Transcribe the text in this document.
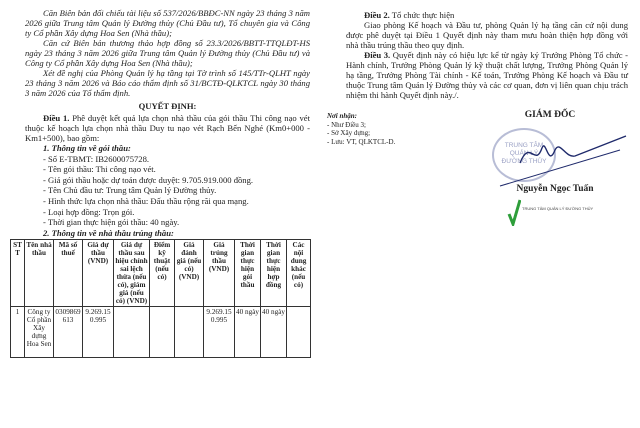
Căn Biên bản đối chiếu tài liệu số 537/2026/BBĐC-NN ngày 23 tháng 3 năm 2026 giữa Trung tâm Quản lý Đường thủy (Chủ Đầu tư), Tổ chuyên gia và Công ty Cổ phần Xây dựng Hoa Sen (Nhà thầu);

Căn cứ Biên bản thương thảo hợp đồng số 23.3/2026/BBTT-TTQLĐT-HS ngày 23 tháng 3 năm 2026 giữa Trung tâm Quản lý Đường thủy (Chủ Đầu tư) và Công ty Cổ phần Xây dựng Hoa Sen (Nhà thầu);

Xét đề nghị của Phòng Quản lý hạ tầng tại Tờ trình số 145/TTr-QLHT ngày 23 tháng 3 năm 2026 và Báo cáo thẩm định số 31/BCTĐ-QLKTCL ngày 30 tháng 3 năm 2026 của Tổ thẩm định.

QUYẾT ĐỊNH:

Điều 1. Phê duyệt kết quả lựa chọn nhà thầu của gói thầu Thi công nạo vét thuộc kế hoạch lựa chọn nhà thầu Duy tu nạo vét Rạch Bến Nghé (Km0+000 - Km1+500), bao gồm:

1. Thông tin về gói thầu:

- Số E-TBMT: IB2600075728.

- Tên gói thầu: Thi công nạo vét.

- Giá gói thầu hoặc dự toán được duyệt: 9.705.919.000 đồng.

- Tên Chủ đầu tư: Trung tâm Quản lý Đường thủy.

- Hình thức lựa chọn nhà thầu: Đấu thầu rộng rãi qua mạng.

- Loại hợp đồng: Trọn gói.

- Thời gian thực hiện gói thầu: 40 ngày.

2. Thông tin về nhà thầu trúng thầu:

STT	Tên nhà thầu	Mã số thuế	Giá dự thầu (VND)	Giá dự thầu sau hiệu chỉnh sai lệch thừa (nếu có), giảm giá (nếu có) (VND)	Điểm kỹ thuật (nếu có)	Giá đánh giá (nếu có) (VND)	Giá trúng thầu (VND)	Thời gian thực hiện gói thầu	Thời gian thực hiện hợp đồng	Các nội dung khác (nếu có)
1	Công ty Cổ phần Xây dựng Hoa Sen	0309869613	9.269.150.995				9.269.150.995	40 ngày	40 ngày	

Điều 2. Tổ chức thực hiện

Giao phòng Kế hoạch và Đầu tư, phòng Quản lý hạ tầng căn cứ nội dung được phê duyệt tại Điều 1 Quyết định này tham mưu hoàn thiện hợp đồng với nhà thầu trúng thầu theo quy định.

Điều 3. Quyết định này có hiệu lực kể từ ngày ký Trưởng Phòng Tổ chức - Hành chính, Trưởng Phòng Quản lý kỹ thuật chất lượng, Trưởng Phòng Quản lý hạ tầng, Trưởng Phòng Tài chính - Kế toán, Trưởng Phòng Kế hoạch và Đầu tư thuộc Trung tâm Quản lý Đường thủy và các cơ quan, đơn vị liên quan chịu trách nhiệm thi hành Quyết định này./.

Nơi nhận:
- Như Điều 3;
- Sở Xây dựng;
- Lưu: VT, QLKTCL-D.
GIÁM ĐỐC
TRUNG TÂM QUẢN LÝ ĐƯỜNG THỦY
Nguyễn Ngọc Tuấn
TRUNG TÂM QUẢN LÝ ĐƯỜNG THỦY
